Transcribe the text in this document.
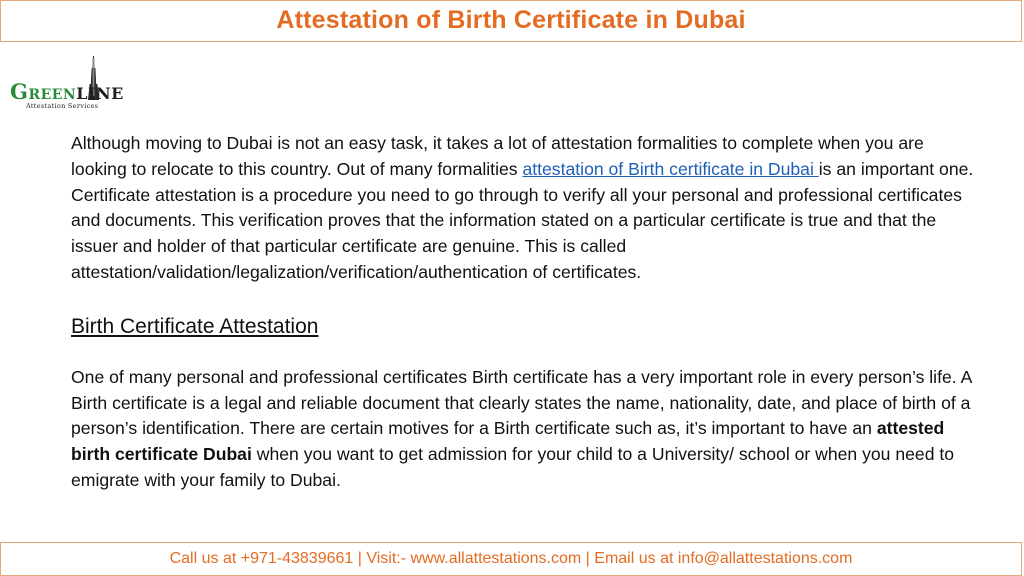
Attestation of Birth Certificate in Dubai
GREENLINE
Attestation Services

Although moving to Dubai is not an easy task, it takes a lot of attestation formalities to complete when you are looking to relocate to this country. Out of many formalities attestation of Birth certificate in Dubai is an important one. Certificate attestation is a procedure you need to go through to verify all your personal and professional certificates and documents. This verification proves that the information stated on a particular certificate is true and that the issuer and holder of that particular certificate are genuine. This is called attestation/validation/legalization/verification/authentication of certificates.

Birth Certificate Attestation

One of many personal and professional certificates Birth certificate has a very important role in every person’s life. A Birth certificate is a legal and reliable document that clearly states the name, nationality, date, and place of birth of a person’s identification. There are certain motives for a Birth certificate such as, it’s important to have an attested birth certificate Dubai when you want to get admission for your child to a University/ school or when you need to emigrate with your family to Dubai.

Call us at +971-43839661 | Visit:- www.allattestations.com | Email us at info@allattestations.com
